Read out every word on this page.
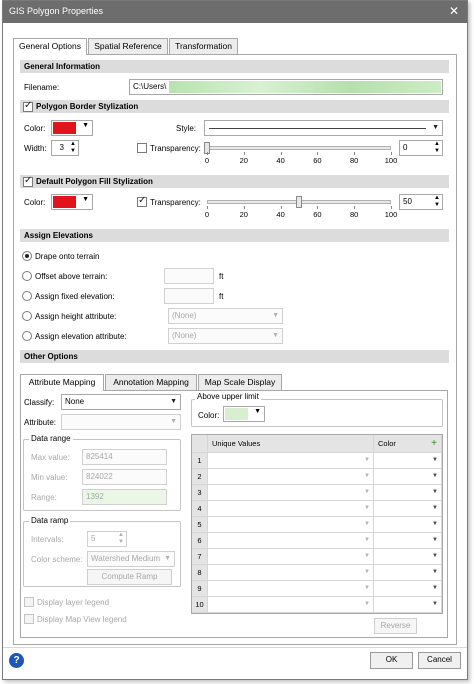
GIS Polygon Properties	✕
General Options	Spatial Reference	Transformation
General Information
Filename:	C:\Users\
Polygon Border Stylization
✓
Color:	▼	Style:	▼
Width:	3 ▲
▼	Transparency:	0	▲
▼
0	20	40	60	80	100
Default Polygon Fill Stylization
✓
Color:	▼ ✓	Transparency:	50	▲
▼
0	20	40	60	80	100
Assign Elevations
Drape onto terrain
Offset above terrain:	ft
Assign fixed elevation:	ft
Assign height attribute:	(None)	▼
Assign elevation attribute:	(None)	▼
Other Options
Attribute Mapping	Annotation Mapping	Map Scale Display
Classify:	None	▼
Attribute:	▼
Data range
Max value:	825414
Min value:	824022
Range:	1392
Data ramp
Intervals:	5	▲
▼
Color scheme:	Watershed Medium ▼
Compute Ramp
Display layer legend
Display Map View legend
Above upper limit
Color:	▼
Unique Values	Color	+
1	▼	▼
2	▼	▼
3	▼	▼
4	▼	▼
5	▼	▼
6	▼	▼
7	▼	▼
8	▼	▼
9	▼	▼
10	▼	▼
Reverse
?	OK	Cancel
